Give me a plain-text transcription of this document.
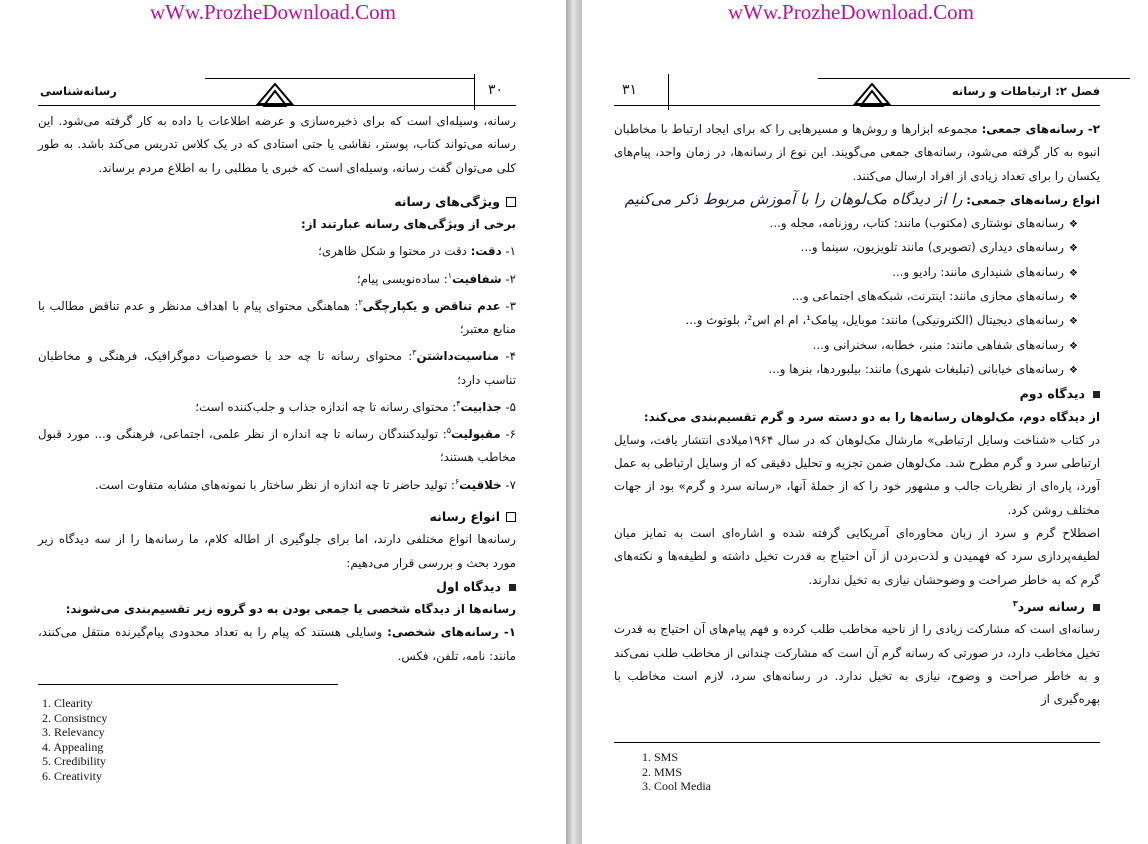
wWw.ProzheDownload.Com
۳۰
رسانه‌شناسی

رسانه، وسیله‌ای است که برای ذخیره‌سازی و عرضه اطلاعات یا داده به کار گرفته می‌شود. این رسانه می‌تواند کتاب، پوستر، نقاشی یا حتی استادی که در یک کلاس تدریس می‌کند باشد. به طور کلی می‌توان گفت رسانه، وسیله‌ای است که خبری یا مطلبی را به اطلاع مردم برساند.

ویژگی‌های رسانه

برخی از ویژگی‌های رسانه عبارتند از:

۱- دقت: دقت در محتوا و شکل ظاهری؛

۲- شفافیت$^۱$: ساده‌نویسی پیام؛

۳- عدم تناقض و یکپارچگی$^۲$: هماهنگی محتوای پیام با اهداف مدنظر و عدم تناقض مطالب با منابع معتبر؛

۴- مناسبت‌داشتن$^۳$: محتوای رسانه تا چه حد با خصوصیات دموگرافیک، فرهنگی و مخاطبان تناسب دارد؛

۵- جذابیت$^۴$: محتوای رسانه تا چه اندازه جذاب و جلب‌کننده است؛

۶- مقبولیت$^۵$: تولیدکنندگان رسانه تا چه اندازه از نظر علمی، اجتماعی، فرهنگی و... مورد قبول مخاطب هستند؛

۷- خلاقیت$^۶$: تولید حاضر تا چه اندازه از نظر ساختار با نمونه‌های مشابه متفاوت است.

انواع رسانه

رسانه‌ها انواع مختلفی دارند، اما برای جلوگیری از اطاله کلام، ما رسانه‌ها را از سه دیدگاه زیر مورد بحث و بررسی قرار می‌دهیم:

دیدگاه اول

رسانه‌ها از دیدگاه شخصی یا جمعی بودن به دو گروه زیر تقسیم‌بندی می‌شوند:

۱- رسانه‌های شخصی: وسایلی هستند که پیام را به تعداد محدودی پیام‌گیرنده منتقل می‌کنند، مانند: نامه، تلفن، فکس.

1. Clearity
2. Consistncy
3. Relevancy
4. Appealing
5. Credibility
6. Creativity
wWw.ProzheDownload.Com
۳۱	فصل ۲: ارتباطات و رسانه

۲- رسانه‌های جمعی: مجموعه ابزارها و روش‌ها و مسیرهایی را که برای ایجاد ارتباط با مخاطبان انبوه به کار گرفته می‌شود، رسانه‌های جمعی می‌گویند. این نوع از رسانه‌ها، در زمان واحد، پیام‌های یکسان را برای تعداد زیادی از افراد ارسال می‌کنند.

انواع رسانه‌های جمعی: را از دیدگاه مک‌لوهان را با آموزش مربوط ذکر می‌کنیم

❖رسانه‌های نوشتاری (مکتوب) مانند: کتاب، روزنامه، مجله و...

❖رسانه‌های دیداری (تصویری) مانند تلویزیون، سینما و...

❖رسانه‌های شنیداری مانند: رادیو و...

❖رسانه‌های مجازی مانند: اینترنت، شبکه‌های اجتماعی و...

❖رسانه‌های دیجیتال (الکترونیکی) مانند: موبایل، پیامک¹، ام ام اس²، بلوتوث و...

❖رسانه‌های شفاهی مانند: منبر، خطابه، سخنرانی و...

❖رسانه‌های خیابانی (تبلیغات شهری) مانند: بیلبوردها، بنرها و...

دیدگاه دوم

از دیدگاه دوم، مک‌لوهان رسانه‌ها را به دو دسته سرد و گرم تقسیم‌بندی می‌کند:

در کتاب «شناخت وسایل ارتباطی» مارشال مک‌لوهان که در سال ۱۹۶۴میلادی انتشار یافت، وسایل ارتباطی سرد و گرم مطرح شد. مک‌لوهان ضمن تجزیه و تحلیل دقیقی که از وسایل ارتباطی به عمل آورد، پاره‌ای از نظریات جالب و مشهور خود را که از جملهٔ آنها، «رسانه سرد و گرم» بود از جهات مختلف روشن کرد.

اصطلاح گرم و سرد از زبان محاوره‌ای آمریکایی گرفته شده و اشاره‌ای است به تمایز میان لطیفه‌پردازی سرد که فهمیدن و لذت‌بردن از آن احتیاج به قدرت تخیل داشته و لطیفه‌ها و نکته‌های گرم که به خاطر صراحت و وضوحشان نیازی به تخیل ندارند.

رسانه سرد$^۳$

رسانه‌ای است که مشارکت زیادی را از ناحیه مخاطب طلب کرده و فهم پیام‌های آن احتیاج به قدرت تخیل مخاطب دارد، در صورتی که رسانه گرم آن است که مشارکت چندانی از مخاطب طلب نمی‌کند و به خاطر صراحت و وضوح، نیازی به تخیل ندارد. در رسانه‌های سرد، لازم است مخاطب با بهره‌گیری از

1. SMS
2. MMS
3. Cool Media
